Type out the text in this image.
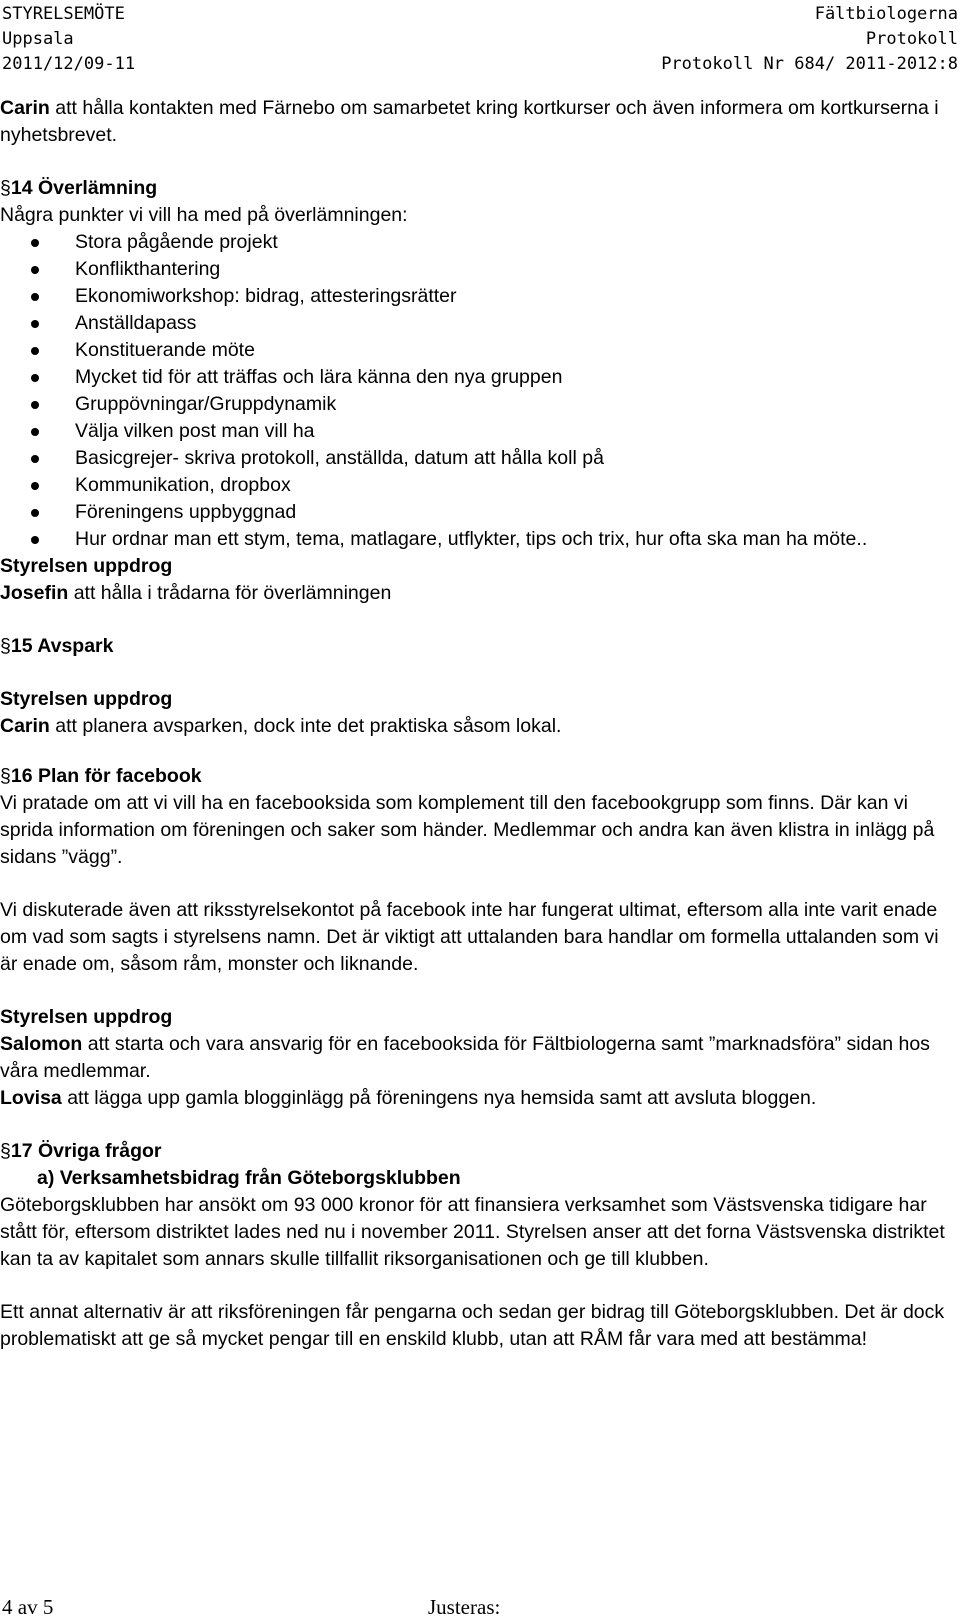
STYRELSEMÖTE	Fältbiologerna
Uppsala	Protokoll
2011/12/09-11	Protokoll Nr 684/ 2011-2012:8

Carin att hålla kontakten med Färnebo om samarbetet kring kortkurser och även informera om kortkurserna i nyhetsbrevet.

§14 Överlämning

Några punkter vi vill ha med på överlämningen:

Stora pågående projekt
Konflikthantering
Ekonomiworkshop: bidrag, attesteringsrätter
Anställdapass
Konstituerande möte
Mycket tid för att träffas och lära känna den nya gruppen
Gruppövningar/Gruppdynamik
Välja vilken post man vill ha
Basicgrejer- skriva protokoll, anställda, datum att hålla koll på
Kommunikation, dropbox
Föreningens uppbyggnad
Hur ordnar man ett stym, tema, matlagare, utflykter, tips och trix, hur ofta ska man ha möte..

Styrelsen uppdrog

Josefin att hålla i trådarna för överlämningen

§15 Avspark

Styrelsen uppdrog

Carin att planera avsparken, dock inte det praktiska såsom lokal.

§16 Plan för facebook

Vi pratade om att vi vill ha en facebooksida som komplement till den facebookgrupp som finns. Där kan vi sprida information om föreningen och saker som händer. Medlemmar och andra kan även klistra in inlägg på sidans ”vägg”.

Vi diskuterade även att riksstyrelsekontot på facebook inte har fungerat ultimat, eftersom alla inte varit enade om vad som sagts i styrelsens namn. Det är viktigt att uttalanden bara handlar om formella uttalanden som vi är enade om, såsom råm, monster och liknande.

Styrelsen uppdrog

Salomon att starta och vara ansvarig för en facebooksida för Fältbiologerna samt ”marknadsföra” sidan hos våra medlemmar.

Lovisa att lägga upp gamla blogginlägg på föreningens nya hemsida samt att avsluta bloggen.

§17 Övriga frågor

a) Verksamhetsbidrag från Göteborgsklubben

Göteborgsklubben har ansökt om 93 000 kronor för att finansiera verksamhet som Västsvenska tidigare har stått för, eftersom distriktet lades ned nu i november 2011. Styrelsen anser att det forna Västsvenska distriktet kan ta av kapitalet som annars skulle tillfallit riksorganisationen och ge till klubben.

Ett annat alternativ är att riksföreningen får pengarna och sedan ger bidrag till Göteborgsklubben. Det är dock problematiskt att ge så mycket pengar till en enskild klubb, utan att RÅM får vara med att bestämma!

4 av 5	Justeras:
